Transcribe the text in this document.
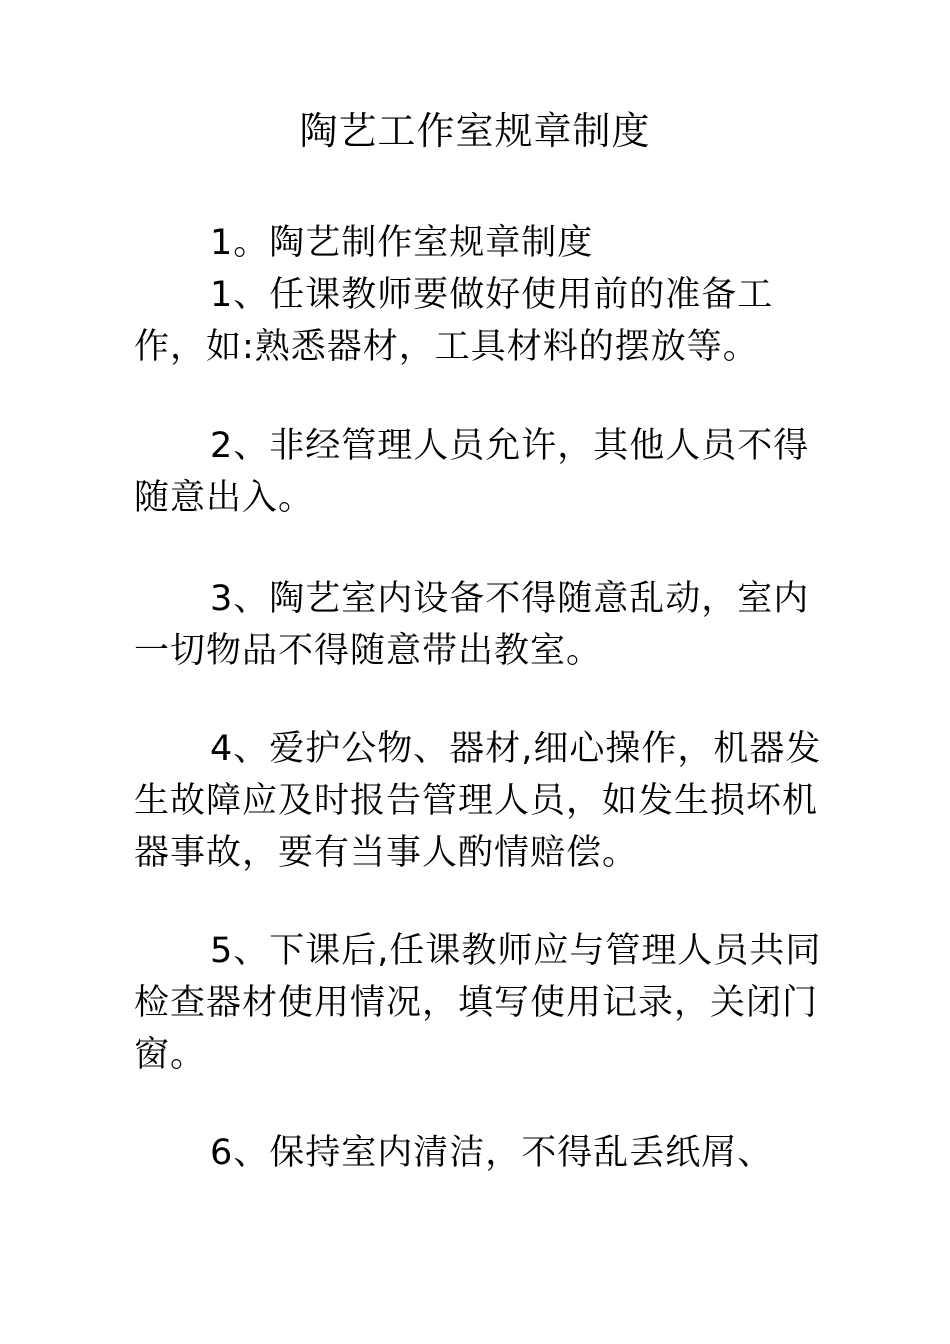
陶艺工作室规章制度

1。陶艺制作室规章制度

1、任课教师要做好使用前的准备工作，如:熟悉器材，工具材料的摆放等。

2、非经管理人员允许，其他人员不得随意出入。

3、陶艺室内设备不得随意乱动，室内一切物品不得随意带出教室。

4、爱护公物、器材,细心操作，机器发生故障应及时报告管理人员，如发生损坏机器事故，要有当事人酌情赔偿。

5、下课后,任课教师应与管理人员共同检查器材使用情况，填写使用记录，关闭门窗。

6、保持室内清洁，不得乱丢纸屑、
